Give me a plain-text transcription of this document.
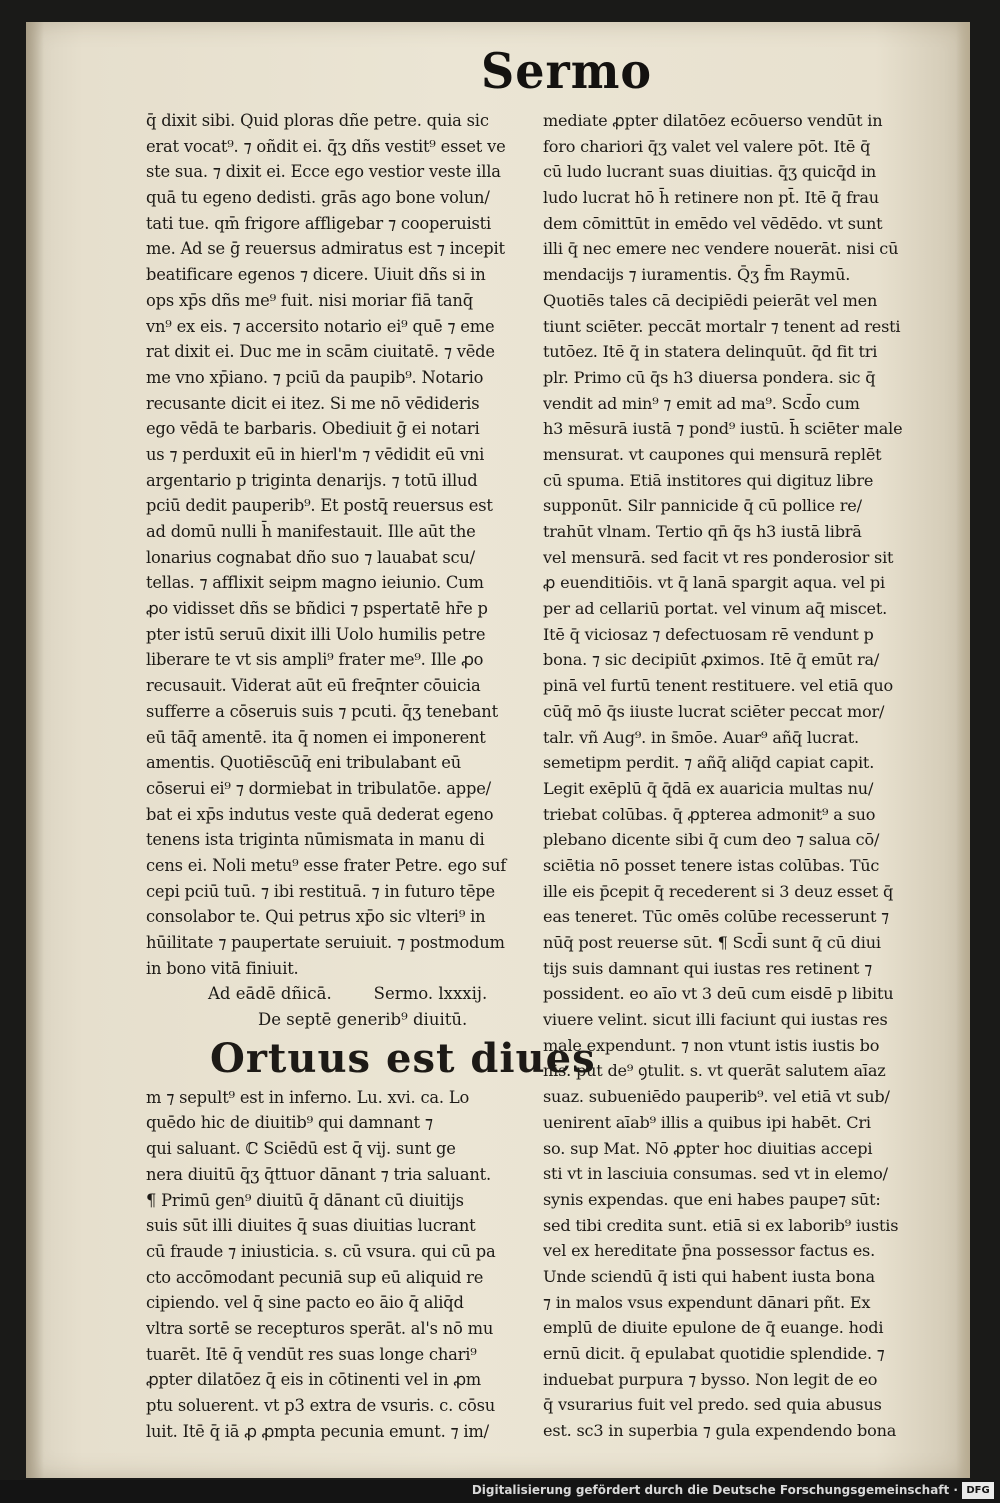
Sermo
q̄ dixit sibi. Quid ploras dñe petre. quia sic
erat vocat⁹. ⁊ oñdit ei. q̄ʒ dñs vestit⁹ esset ve
ste sua. ⁊ dixit ei. Ecce ego vestior veste illa
quā tu egeno dedisti. grās ago bone volun/
tati tue. qm̄ frigore affligebar ⁊ cooperuisti
me. Ad se ḡ reuersus admiratus est ⁊ incepit
beatificare egenos ⁊ dicere. Uiuit dñs si in
ops xp̄s dñs me⁹ fuit. nisi moriar fiā tanq̄
vn⁹ ex eis. ⁊ accersito notario ei⁹ quē ⁊ eme
rat dixit ei. Duc me in scām ciuitatē. ⁊ vēde
me vno xp̄iano. ⁊ pciū da paupib⁹. Notario
recusante dicit ei itez. Si me nō vēdideris
ego vēdā te barbaris. Obediuit ḡ ei notari
us ⁊ perduxit eū in hierl'm ⁊ vēdidit eū vni
argentario p triginta denarijs. ⁊ totū illud
pciū dedit pauperib⁹. Et postq̄ reuersus est
ad domū nulli h̄ manifestauit. Ille aūt the
lonarius cognabat dño suo ⁊ lauabat scu/
tellas. ⁊ afflixit seipm magno ieiunio. Cum
ꝓo vidisset dñs se bñdici ⁊ pspertatē hr̄e p
pter istū seruū dixit illi Uolo humilis petre
liberare te vt sis ampli⁹ frater me⁹. Ille ꝓo
recusauit. Viderat aūt eū freq̄nter cōuicia
sufferre a cōseruis suis ⁊ pcuti. q̄ʒ tenebant
eū tāq̄ amentē. ita q̄ nomen ei imponerent
amentis. Quotiēscūq̄ eni tribulabant eū
cōserui ei⁹ ⁊ dormiebat in tribulatōe. appe/
bat ei xp̄s indutus veste quā dederat egeno
tenens ista triginta nūmismata in manu di
cens ei. Noli metu⁹ esse frater Petre. ego suf
cepi pciū tuū. ⁊ ibi restituā. ⁊ in futuro tēpe
consolabor te. Qui petrus xp̄o sic vlteri⁹ in
hūilitate ⁊ paupertate seruiuit. ⁊ postmodum
in bono vitā finiuit.
Ad eādē dñicā.        Sermo. lxxxij.
De septē generib⁹ diuitū.
Ortuus est diues
m ⁊ sepult⁹ est in inferno. Lu. xvi. ca. Lo
quēdo hic de diuitib⁹ qui damnant ⁊
qui saluant. ℂ Sciēdū est q̄ vij. sunt ge
nera diuitū q̄ʒ q̄ttuor dānant ⁊ tria saluant.
¶ Primū gen⁹ diuitū q̄ dānant cū diuitijs
suis sūt illi diuites q̄ suas diuitias lucrant
cū fraude ⁊ iniusticia. s. cū vsura. qui cū pa
cto accōmodant pecuniā sup eū aliquid re
cipiendo. vel q̄ sine pacto eo āio q̄ aliq̄d
vltra sortē se recepturos sperāt. al's nō mu
tuarēt. Itē q̄ vendūt res suas longe chari⁹
ꝓpter dilatōez q̄ eis in cōtinenti vel in ꝓm
ptu soluerent. vt p3 extra de vsuris. c. cōsu
luit. Itē q̄ iā ꝓ ꝓmpta pecunia emunt. ⁊ im/
mediate ꝓpter dilatōez ecōuerso vendūt in
foro chariori q̄ʒ valet vel valere pōt. Itē q̄
cū ludo lucrant suas diuitias. q̄ʒ quicq̄d in
ludo lucrat hō h̄ retinere non pt̄. Itē q̄ frau
dem cōmittūt in emēdo vel vēdēdo. vt sunt
illi q̄ nec emere nec vendere nouerāt. nisi cū
mendacijs ⁊ iuramentis. Q̄ʒ f̄m Raymū.
Quotiēs tales cā decipiēdi peierāt vel men
tiunt sciēter. peccāt mortalr ⁊ tenent ad resti
tutōez. Itē q̄ in statera delinquūt. q̄d fit tri
plr. Primo cū q̄s h3 diuersa pondera. sic q̄
vendit ad min⁹ ⁊ emit ad ma⁹. Scd̄o cum
h3 mēsurā iustā ⁊ pond⁹ iustū. h̄ sciēter male
mensurat. vt caupones qui mensurā replēt
cū spuma. Etiā institores qui digituz libre
supponūt. Silr pannicide q̄ cū pollice re/
trahūt vlnam. Tertio qn̄ q̄s h3 iustā librā
vel mensurā. sed facit vt res ponderosior sit
ꝓ euenditiōis. vt q̄ lanā spargit aqua. vel pi
per ad cellariū portat. vel vinum aq̄ miscet.
Itē q̄ viciosaz ⁊ defectuosam rē vendunt p
bona. ⁊ sic decipiūt ꝓximos. Itē q̄ emūt ra/
pinā vel furtū tenent restituere. vel etiā quo
cūq̄ mō q̄s iiuste lucrat sciēter peccat mor/
talr. vñ Aug⁹. in s̄mōe. Auar⁹ añq̄ lucrat.
semetipm perdit. ⁊ añq̄ aliq̄d capiat capit.
Legit exēplū q̄ q̄dā ex auaricia multas nu/
triebat colūbas. q̄ ꝓpterea admonit⁹ a suo
plebano dicente sibi q̄ cum deo ⁊ salua cō/
sciētia nō posset tenere istas colūbas. Tūc
ille eis p̄cepit q̄ recederent si 3 deuz esset q̄
eas teneret. Tūc omēs colūbe recesserunt ⁊
nūq̄ post reuerse sūt. ¶ Scd̄i sunt q̄ cū diui
tijs suis damnant qui iustas res retinent ⁊
possident. eo aīo vt 3 deū cum eisdē p libitu
viuere velint. sicut illi faciunt qui iustas res
male expendunt. ⁊ non vtunt istis iustis bo
nis. put de⁹ ꝯtulit. s. vt querāt salutem aīaz
suaz. subueniēdo pauperib⁹. vel etiā vt sub/
uenirent aīab⁹ illis a quibus ipi habēt. Cri
so. sup Mat. Nō ꝓpter hoc diuitias accepi
sti vt in lasciuia consumas. sed vt in elemo/
synis expendas. que eni habes paupe⁊ sūt:
sed tibi credita sunt. etiā si ex laborib⁹ iustis
vel ex hereditate p̄na possessor factus es.
Unde sciendū q̄ isti qui habent iusta bona
⁊ in malos vsus expendunt dānari pñt. Ex
emplū de diuite epulone de q̄ euange. hodi
ernū dicit. q̄ epulabat quotidie splendide. ⁊
induebat purpura ⁊ bysso. Non legit de eo
q̄ vsurarius fuit vel predo. sed quia abusus
est. sc3 in superbia ⁊ gula expendendo bona
Digitalisierung gefördert durch die Deutsche Forschungsgemeinschaft · DFG
